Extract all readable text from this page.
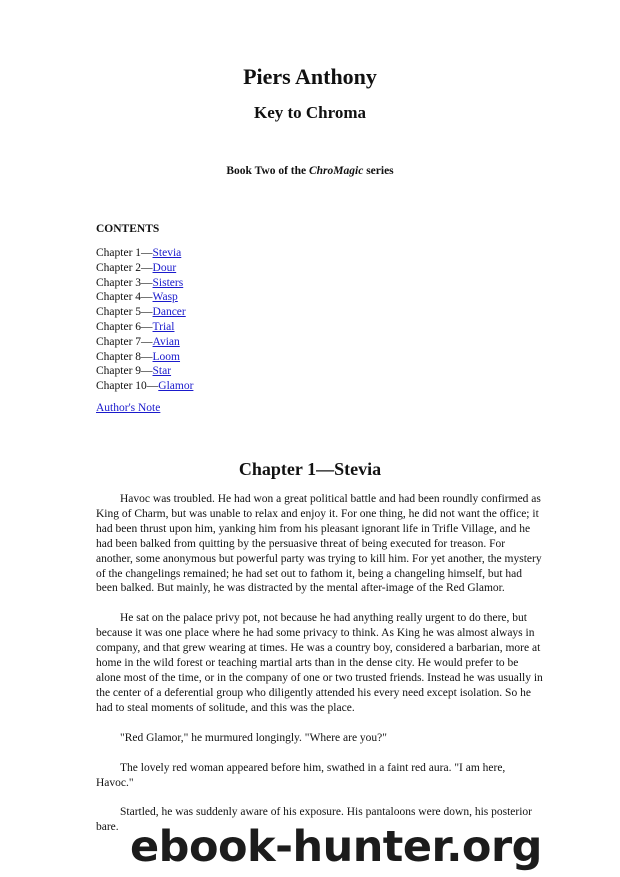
Piers Anthony
Key to Chroma
Book Two of the ChroMagic series
CONTENTS
Chapter 1—Stevia
Chapter 2—Dour
Chapter 3—Sisters
Chapter 4—Wasp
Chapter 5—Dancer
Chapter 6—Trial
Chapter 7—Avian
Chapter 8—Loom
Chapter 9—Star
Chapter 10—Glamor
Author's Note
Chapter 1—Stevia

Havoc was troubled. He had won a great political battle and had been roundly confirmed as King of Charm, but was unable to relax and enjoy it. For one thing, he did not want the office; it had been thrust upon him, yanking him from his pleasant ignorant life in Trifle Village, and he had been balked from quitting by the persuasive threat of being executed for treason. For another, some anonymous but powerful party was trying to kill him. For yet another, the mystery of the changelings remained; he had set out to fathom it, being a changeling himself, but had been balked. But mainly, he was distracted by the mental after-image of the Red Glamor.

He sat on the palace privy pot, not because he had anything really urgent to do there, but because it was one place where he had some privacy to think. As King he was almost always in company, and that grew wearing at times. He was a country boy, considered a barbarian, more at home in the wild forest or teaching martial arts than in the dense city. He would prefer to be alone most of the time, or in the company of one or two trusted friends. Instead he was usually in the center of a deferential group who diligently attended his every need except isolation. So he had to steal moments of solitude, and this was the place.

"Red Glamor," he murmured longingly. "Where are you?"

The lovely red woman appeared before him, swathed in a faint red aura. "I am here, Havoc."

Startled, he was suddenly aware of his exposure. His pantaloons were down, his posterior bare. ebook-hunter.org
